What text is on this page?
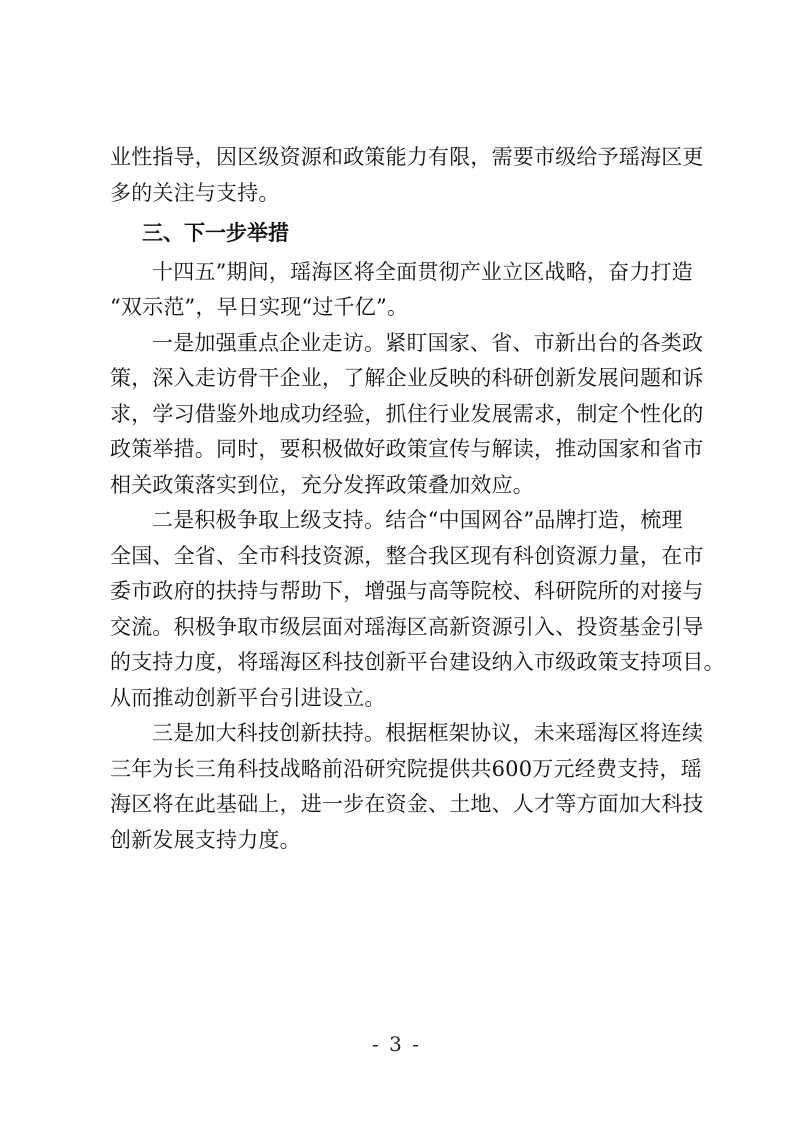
业性指导，因区级资源和政策能力有限，需要市级给予瑶海区更
多的关注与支持。

三、下一步举措

十四五”期间，瑶海区将全面贯彻产业立区战略，奋力打造
“双示范”，早日实现“过千亿”。

一是加强重点企业走访。紧盯国家、省、市新出台的各类政
策，深入走访骨干企业，了解企业反映的科研创新发展问题和诉
求，学习借鉴外地成功经验，抓住行业发展需求，制定个性化的
政策举措。同时，要积极做好政策宣传与解读，推动国家和省市
相关政策落实到位，充分发挥政策叠加效应。

二是积极争取上级支持。结合“中国网谷”品牌打造，梳理
全国、全省、全市科技资源，整合我区现有科创资源力量，在市
委市政府的扶持与帮助下，增强与高等院校、科研院所的对接与
交流。积极争取市级层面对瑶海区高新资源引入、投资基金引导
的支持力度，将瑶海区科技创新平台建设纳入市级政策支持项目。
从而推动创新平台引进设立。

三是加大科技创新扶持。根据框架协议，未来瑶海区将连续
三年为长三角科技战略前沿研究院提供共600万元经费支持，瑶
海区将在此基础上，进一步在资金、土地、人才等方面加大科技
创新发展支持力度。

- 3 -
